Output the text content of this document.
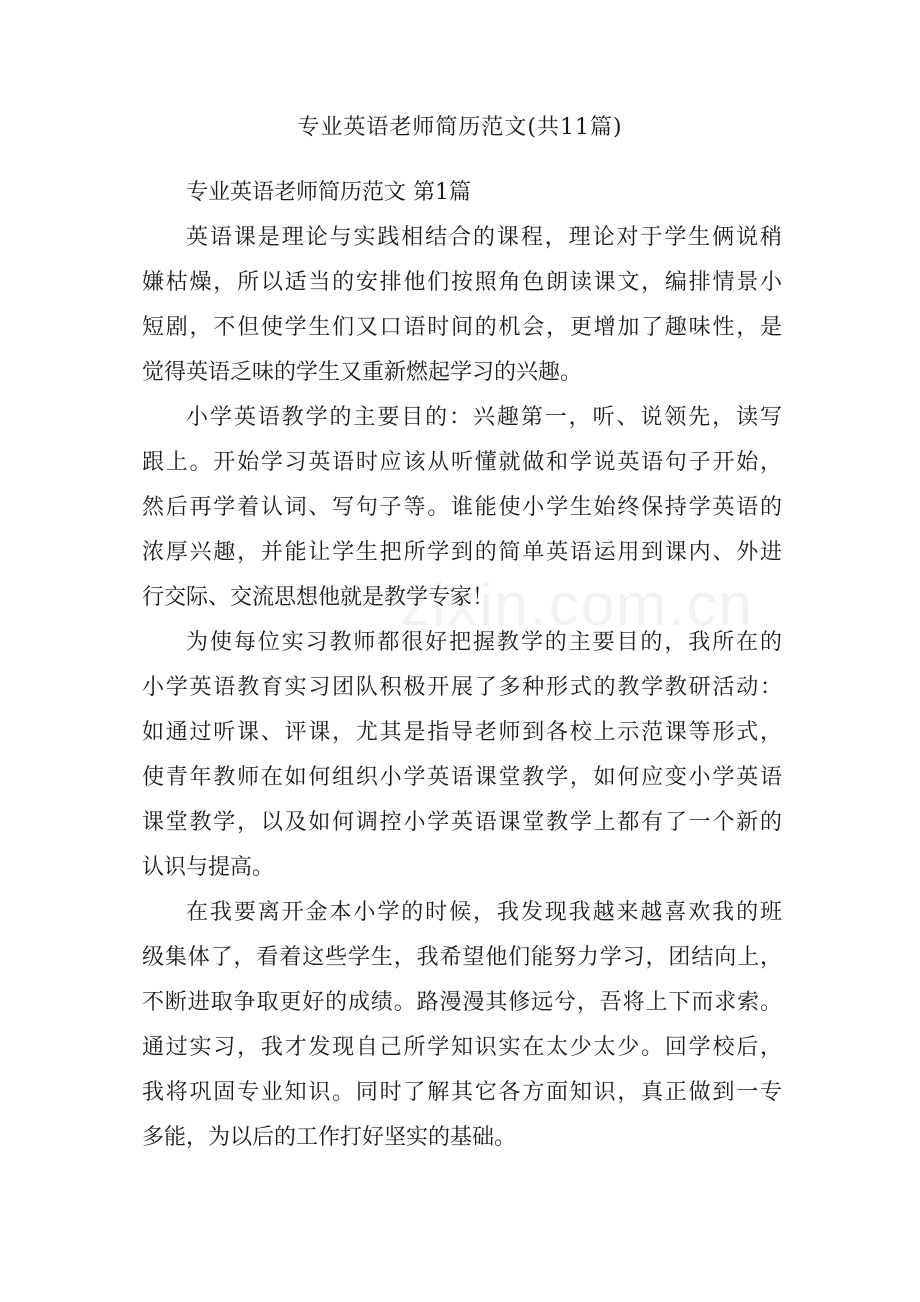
zixin.com.cn
专业英语老师简历范文(共11篇)
专业英语老师简历范文 第1篇
英语课是理论与实践相结合的课程，理论对于学生俩说稍
嫌枯燥，所以适当的安排他们按照角色朗读课文，编排情景小
短剧，不但使学生们又口语时间的机会，更增加了趣味性，是
觉得英语乏味的学生又重新燃起学习的兴趣。
小学英语教学的主要目的：兴趣第一，听、说领先，读写
跟上。开始学习英语时应该从听懂就做和学说英语句子开始，
然后再学着认词、写句子等。谁能使小学生始终保持学英语的
浓厚兴趣，并能让学生把所学到的简单英语运用到课内、外进
行交际、交流思想他就是教学专家！
为使每位实习教师都很好把握教学的主要目的，我所在的
小学英语教育实习团队积极开展了多种形式的教学教研活动：
如通过听课、评课，尤其是指导老师到各校上示范课等形式，
使青年教师在如何组织小学英语课堂教学，如何应变小学英语
课堂教学，以及如何调控小学英语课堂教学上都有了一个新的
认识与提高。
在我要离开金本小学的时候，我发现我越来越喜欢我的班
级集体了，看着这些学生，我希望他们能努力学习，团结向上，
不断进取争取更好的成绩。路漫漫其修远兮，吾将上下而求索。
通过实习，我才发现自己所学知识实在太少太少。回学校后，
我将巩固专业知识。同时了解其它各方面知识，真正做到一专
多能，为以后的工作打好坚实的基础。
